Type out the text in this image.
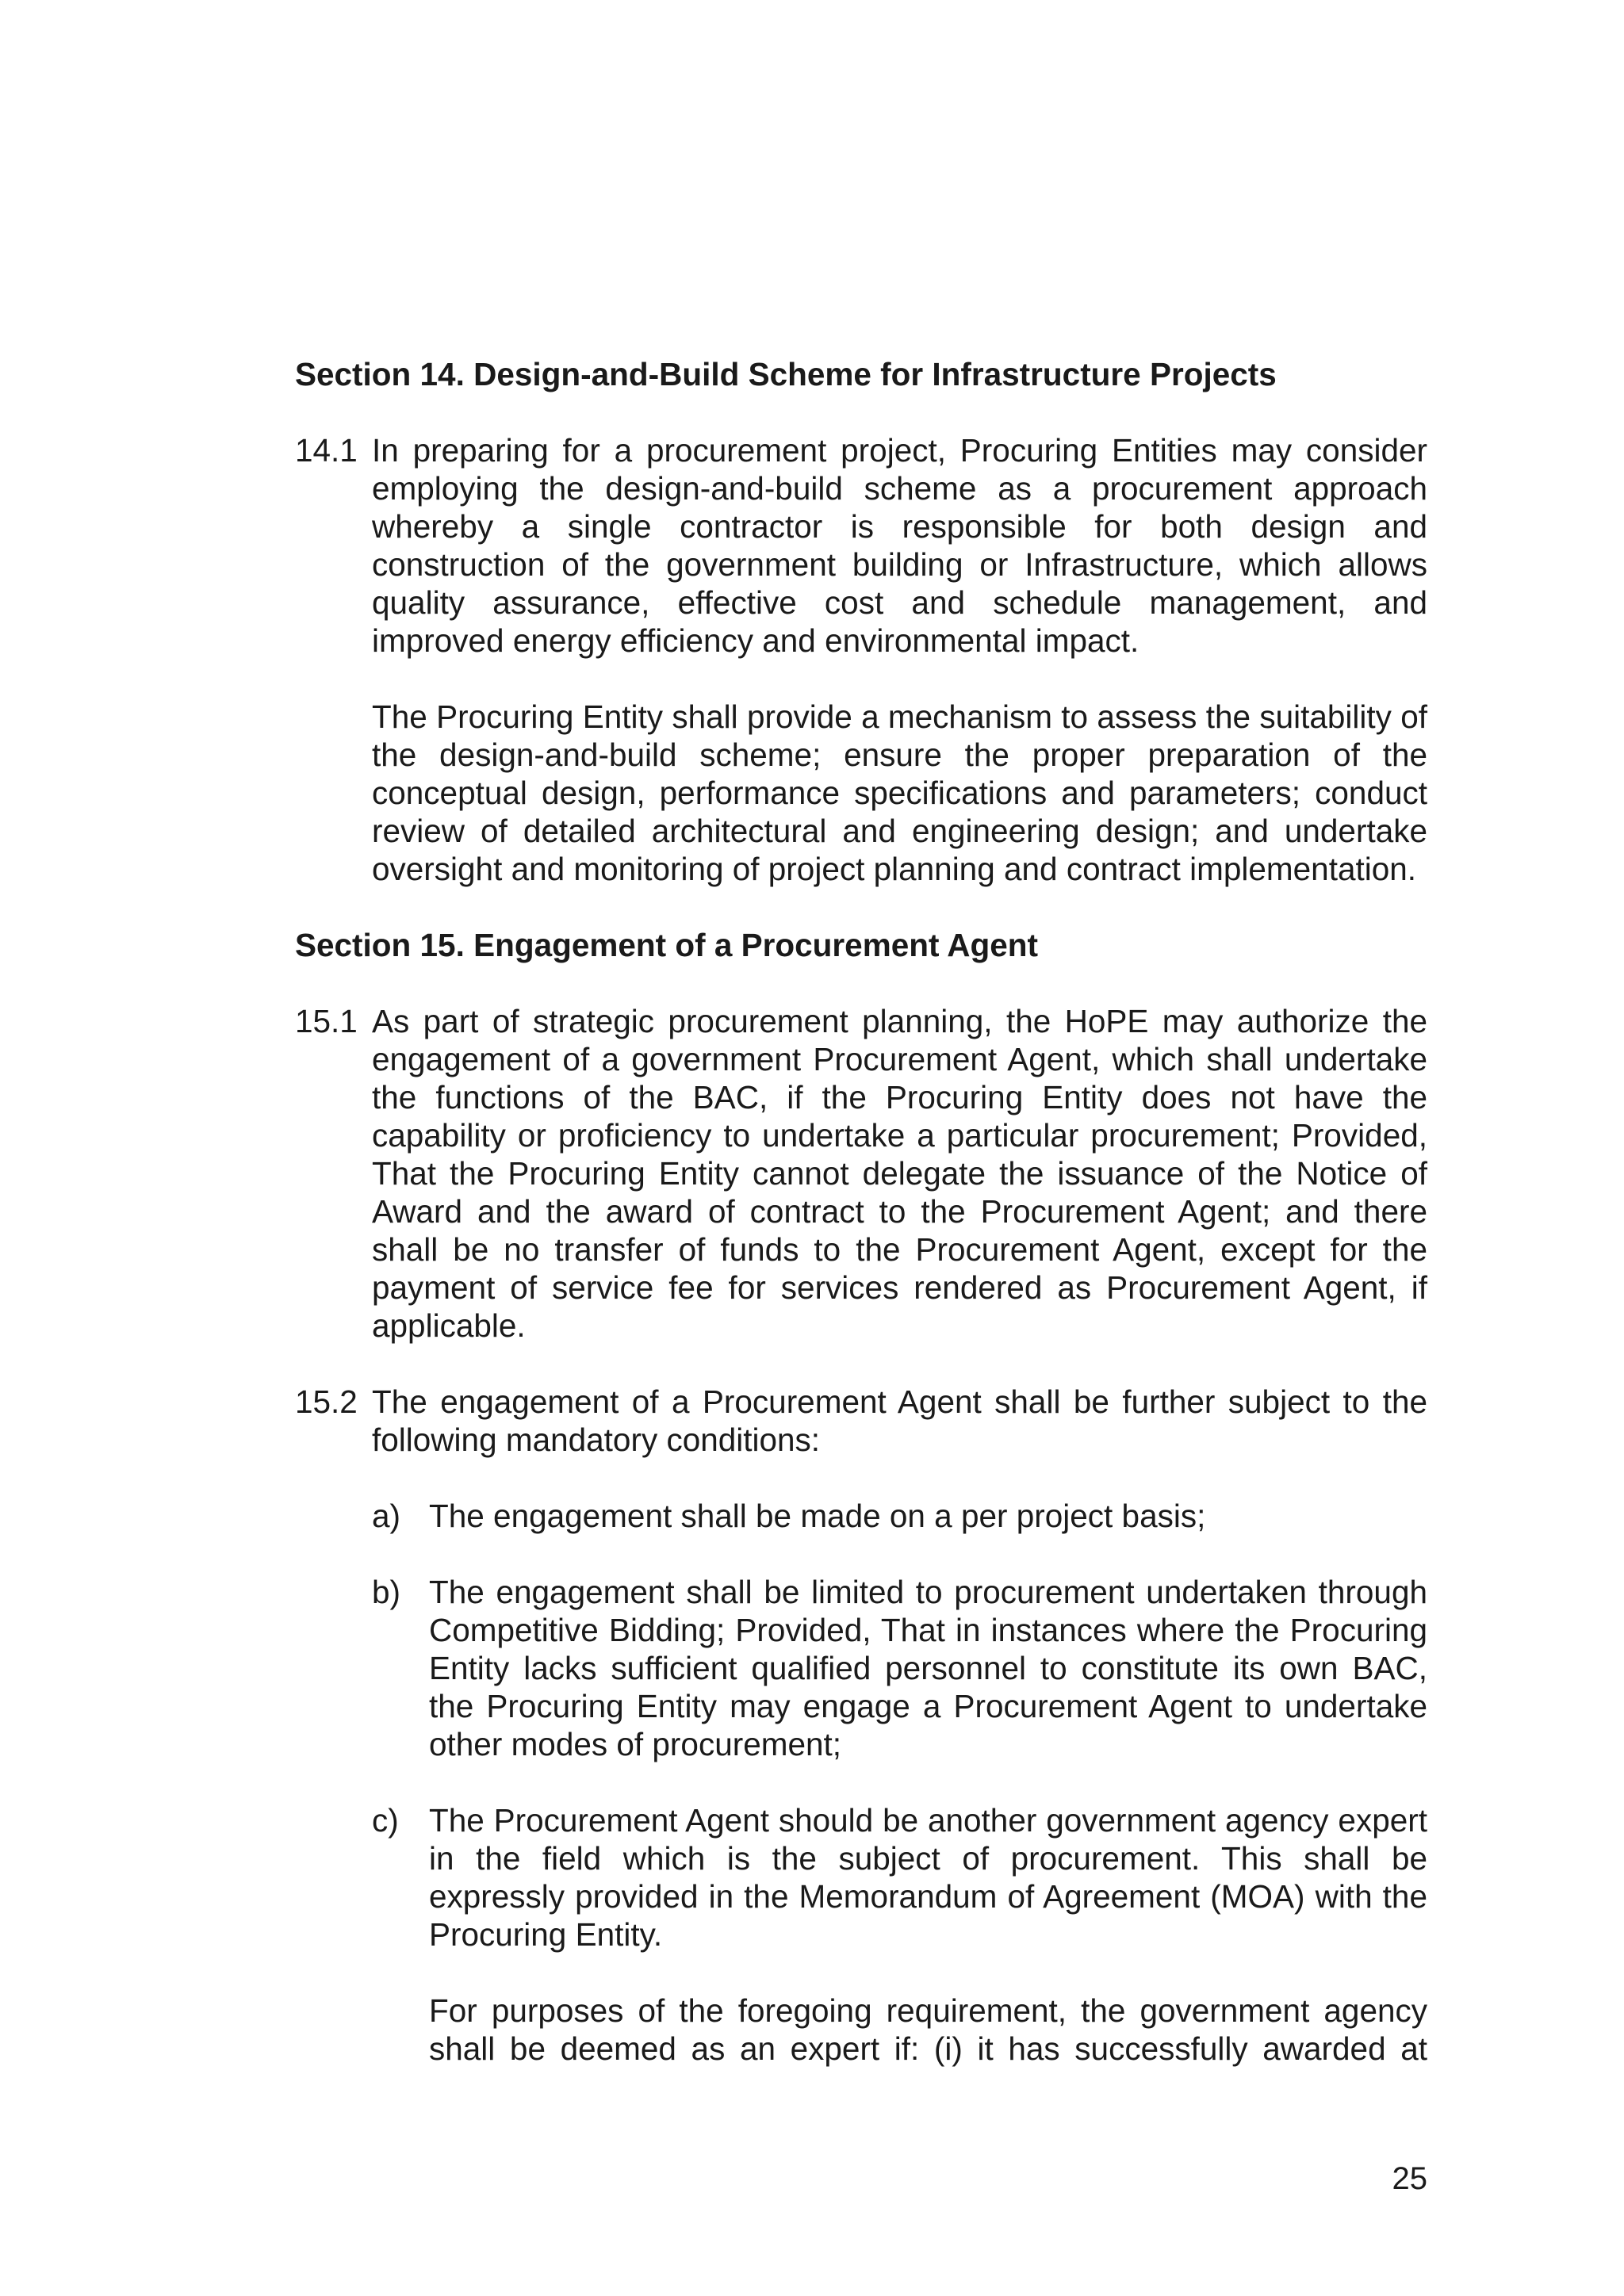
Section 14. Design-and-Build Scheme for Infrastructure Projects

14.1 In preparing for a procurement project, Procuring Entities may consider employing the design-and-build scheme as a procurement approach whereby a single contractor is responsible for both design and construction of the government building or Infrastructure, which allows quality assurance, effective cost and schedule management, and improved energy efficiency and environmental impact.

The Procuring Entity shall provide a mechanism to assess the suitability of the design-and-build scheme; ensure the proper preparation of the conceptual design, performance specifications and parameters; conduct review of detailed architectural and engineering design; and undertake oversight and monitoring of project planning and contract implementation.

Section 15. Engagement of a Procurement Agent

15.1 As part of strategic procurement planning, the HoPE may authorize the engagement of a government Procurement Agent, which shall undertake the functions of the BAC, if the Procuring Entity does not have the capability or proficiency to undertake a particular procurement; Provided, That the Procuring Entity cannot delegate the issuance of the Notice of Award and the award of contract to the Procurement Agent; and there shall be no transfer of funds to the Procurement Agent, except for the payment of service fee for services rendered as Procurement Agent, if applicable.

15.2 The engagement of a Procurement Agent shall be further subject to the following mandatory conditions:

a) The engagement shall be made on a per project basis;

b) The engagement shall be limited to procurement undertaken through Competitive Bidding; Provided, That in instances where the Procuring Entity lacks sufficient qualified personnel to constitute its own BAC, the Procuring Entity may engage a Procurement Agent to undertake other modes of procurement;

c) The Procurement Agent should be another government agency expert in the field which is the subject of procurement. This shall be expressly provided in the Memorandum of Agreement (MOA) with the Procuring Entity.

For purposes of the foregoing requirement, the government agency shall be deemed as an expert if: (i) it has successfully awarded at

25
